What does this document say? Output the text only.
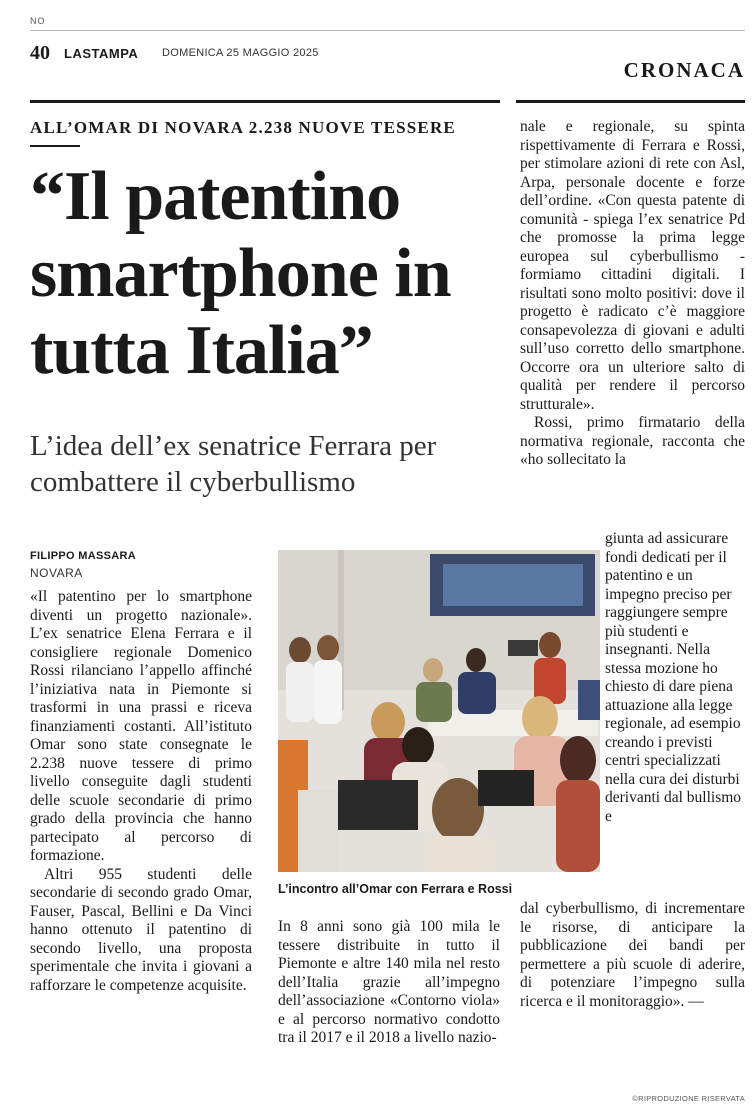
NO
40 LASTAMPA DOMENICA 25 MAGGIO 2025
CRONACA
ALL’OMAR DI NOVARA 2.238 NUOVE TESSERE
“Il patentino smartphone in tutta Italia”
L’idea dell’ex senatrice Ferrara per combattere il cyberbullismo
FILIPPO MASSARA
NOVARA

«Il patentino per lo smartphone diventi un progetto nazionale». L’ex senatrice Elena Ferrara e il consigliere regionale Domenico Rossi rilanciano l’appello affinché l’iniziativa nata in Piemonte si trasformi in una prassi e riceva finanziamenti costanti. All’istituto Omar sono state consegnate le 2.238 nuove tessere di primo livello conseguite dagli studenti delle scuole secondarie di primo grado della provincia che hanno partecipato al percorso di formazione.

Altri 955 studenti delle secondarie di secondo grado Omar, Fauser, Pascal, Bellini e Da Vinci hanno ottenuto il patentino di secondo livello, una proposta sperimentale che invita i giovani a rafforzare le competenze acquisite.

L’incontro all’Omar con Ferrara e Rossi

In 8 anni sono già 100 mila le tessere distribuite in tutto il Piemonte e altre 140 mila nel resto dell’Italia grazie all’impegno dell’associazione «Contorno viola» e al percorso normativo condotto tra il 2017 e il 2018 a livello nazio-

nale e regionale, su spinta rispettivamente di Ferrara e Rossi, per stimolare azioni di rete con Asl, Arpa, personale docente e forze dell’ordine. «Con questa patente di comunità - spiega l’ex senatrice Pd che promosse la prima legge europea sul cyberbullismo - formiamo cittadini digitali. I risultati sono molto positivi: dove il progetto è radicato c’è maggiore consapevolezza di giovani e adulti sull’uso corretto dello smartphone. Occorre ora un ulteriore salto di qualità per rendere il percorso strutturale».

Rossi, primo firmatario della normativa regionale, racconta che «ho sollecitato la

giunta ad assicurare fondi dedicati per il patentino e un impegno preciso per raggiungere sempre più studenti e insegnanti. Nella stessa mozione ho chiesto di dare piena attuazione alla legge regionale, ad esempio creando i previsti centri specializzati nella cura dei disturbi derivanti dal bullismo e

dal cyberbullismo, di incrementare le risorse, di anticipare la pubblicazione dei bandi per permettere a più scuole di aderire, di potenziare l’impegno sulla ricerca e il monitoraggio». —

©RIPRODUZIONE RISERVATA
